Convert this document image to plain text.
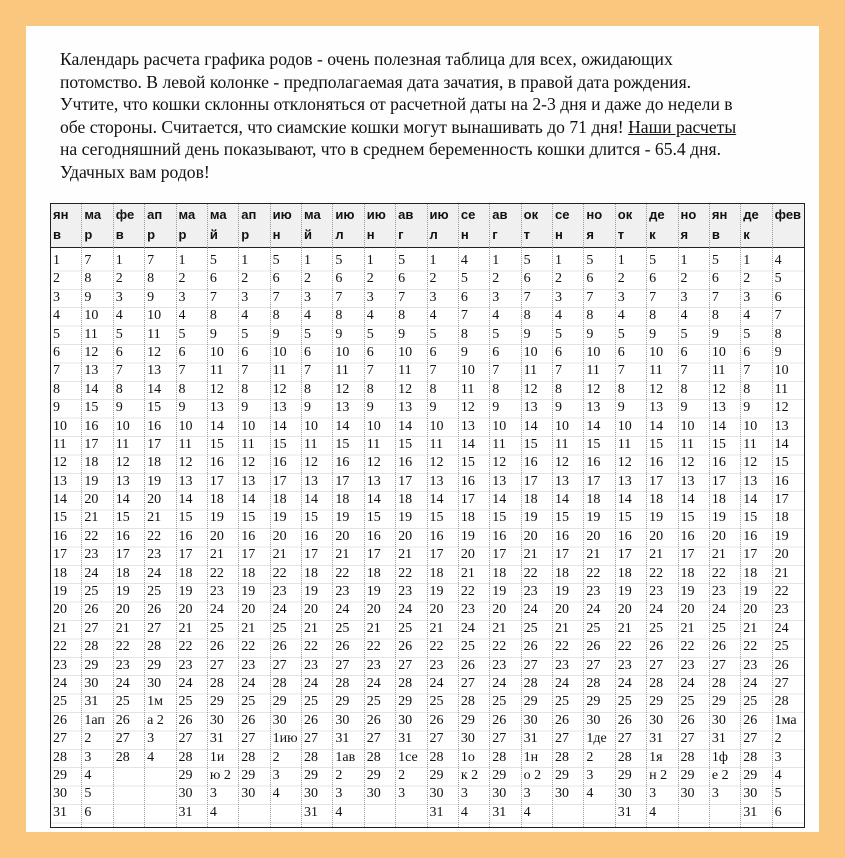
Календарь расчета графика родов - очень полезная таблица для всех, ожидающих
потомство. В левой колонке - предполагаемая дата зачатия, в правой дата рождения.
Учтите, что кошки склонны отклоняться от расчетной даты на 2-3 дня и даже до недели в
обе стороны. Считается, что сиамские кошки могут вынашивать до 71 дня! Наши расчеты
на сегодняшний день показывают, что в среднем беременность кошки длится - 65.4 дня.
Удачных вам родов!

ян
в
ма
р
фе
в
ап
р
ма
р
ма
й
ап
р
ию
н
ма
й
ию
л
ию
н
ав
г
ию
л
се
н
ав
г
ок
т
се
н
но
я
ок
т
де
к
но
я
ян
в
де
к
фев
1
2
3
4
5
6
7
8
9
10
11
12
13
14
15
16
17
18
19
20
21
22
23
24
25
26
27
28
29
30
31
7
8
9
10
11
12
13
14
15
16
17
18
19
20
21
22
23
24
25
26
27
28
29
30
31
1ап
2
3
4
5
6
1
2
3
4
5
6
7
8
9
10
11
12
13
14
15
16
17
18
19
20
21
22
23
24
25
26
27
28
7
8
9
10
11
12
13
14
15
16
17
18
19
20
21
22
23
24
25
26
27
28
29
30
1м
а 2
3
4
1
2
3
4
5
6
7
8
9
10
11
12
13
14
15
16
17
18
19
20
21
22
23
24
25
26
27
28
29
30
31
5
6
7
8
9
10
11
12
13
14
15
16
17
18
19
20
21
22
23
24
25
26
27
28
29
30
31
1и
ю 2
3
4
1
2
3
4
5
6
7
8
9
10
11
12
13
14
15
16
17
18
19
20
21
22
23
24
25
26
27
28
29
30
5
6
7
8
9
10
11
12
13
14
15
16
17
18
19
20
21
22
23
24
25
26
27
28
29
30
1ию
2
3
4
1
2
3
4
5
6
7
8
9
10
11
12
13
14
15
16
17
18
19
20
21
22
23
24
25
26
27
28
29
30
31
5
6
7
8
9
10
11
12
13
14
15
16
17
18
19
20
21
22
23
24
25
26
27
28
29
30
31
1ав
2
3
4
1
2
3
4
5
6
7
8
9
10
11
12
13
14
15
16
17
18
19
20
21
22
23
24
25
26
27
28
29
30
5
6
7
8
9
10
11
12
13
14
15
16
17
18
19
20
21
22
23
24
25
26
27
28
29
30
31
1се
2
3
1
2
3
4
5
6
7
8
9
10
11
12
13
14
15
16
17
18
19
20
21
22
23
24
25
26
27
28
29
30
31
4
5
6
7
8
9
10
11
12
13
14
15
16
17
18
19
20
21
22
23
24
25
26
27
28
29
30
1о
к 2
3
4
1
2
3
4
5
6
7
8
9
10
11
12
13
14
15
16
17
18
19
20
21
22
23
24
25
26
27
28
29
30
31
5
6
7
8
9
10
11
12
13
14
15
16
17
18
19
20
21
22
23
24
25
26
27
28
29
30
31
1н
о 2
3
4
1
2
3
4
5
6
7
8
9
10
11
12
13
14
15
16
17
18
19
20
21
22
23
24
25
26
27
28
29
30
5
6
7
8
9
10
11
12
13
14
15
16
17
18
19
20
21
22
23
24
25
26
27
28
29
30
1де
2
3
4
1
2
3
4
5
6
7
8
9
10
11
12
13
14
15
16
17
18
19
20
21
22
23
24
25
26
27
28
29
30
31
5
6
7
8
9
10
11
12
13
14
15
16
17
18
19
20
21
22
23
24
25
26
27
28
29
30
31
1я
н 2
3
4
1
2
3
4
5
6
7
8
9
10
11
12
13
14
15
16
17
18
19
20
21
22
23
24
25
26
27
28
29
30
5
6
7
8
9
10
11
12
13
14
15
16
17
18
19
20
21
22
23
24
25
26
27
28
29
30
31
1ф
е 2
3
1
2
3
4
5
6
7
8
9
10
11
12
13
14
15
16
17
18
19
20
21
22
23
24
25
26
27
28
29
30
31
4
5
6
7
8
9
10
11
12
13
14
15
16
17
18
19
20
21
22
23
24
25
26
27
28
1ма
2
3
4
5
6
